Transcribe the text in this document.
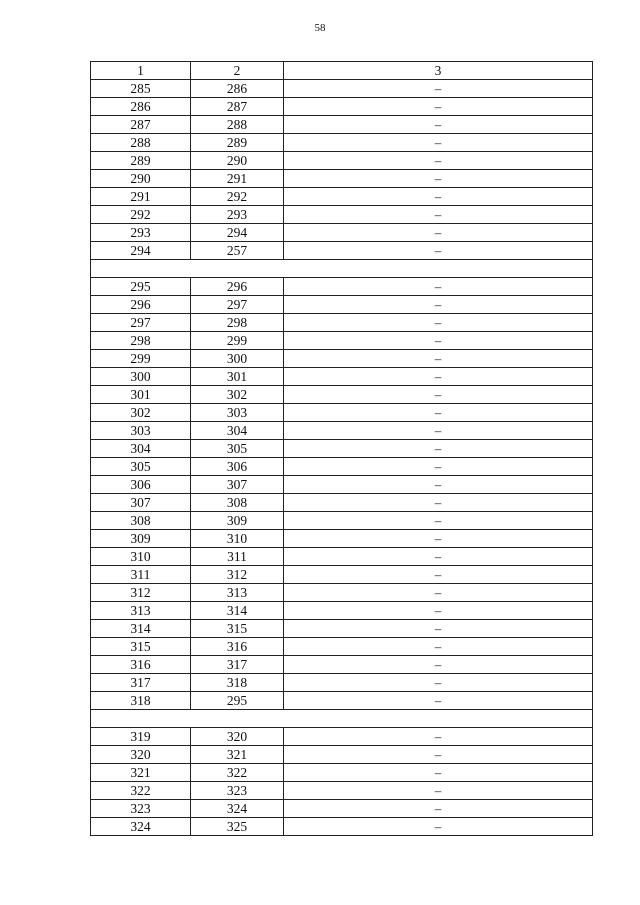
58
1	2	3
285	286	–
286	287	–
287	288	–
288	289	–
289	290	–
290	291	–
291	292	–
292	293	–
293	294	–
294	257	–

295	296	–
296	297	–
297	298	–
298	299	–
299	300	–
300	301	–
301	302	–
302	303	–
303	304	–
304	305	–
305	306	–
306	307	–
307	308	–
308	309	–
309	310	–
310	311	–
311	312	–
312	313	–
313	314	–
314	315	–
315	316	–
316	317	–
317	318	–
318	295	–

319	320	–
320	321	–
321	322	–
322	323	–
323	324	–
324	325	–
